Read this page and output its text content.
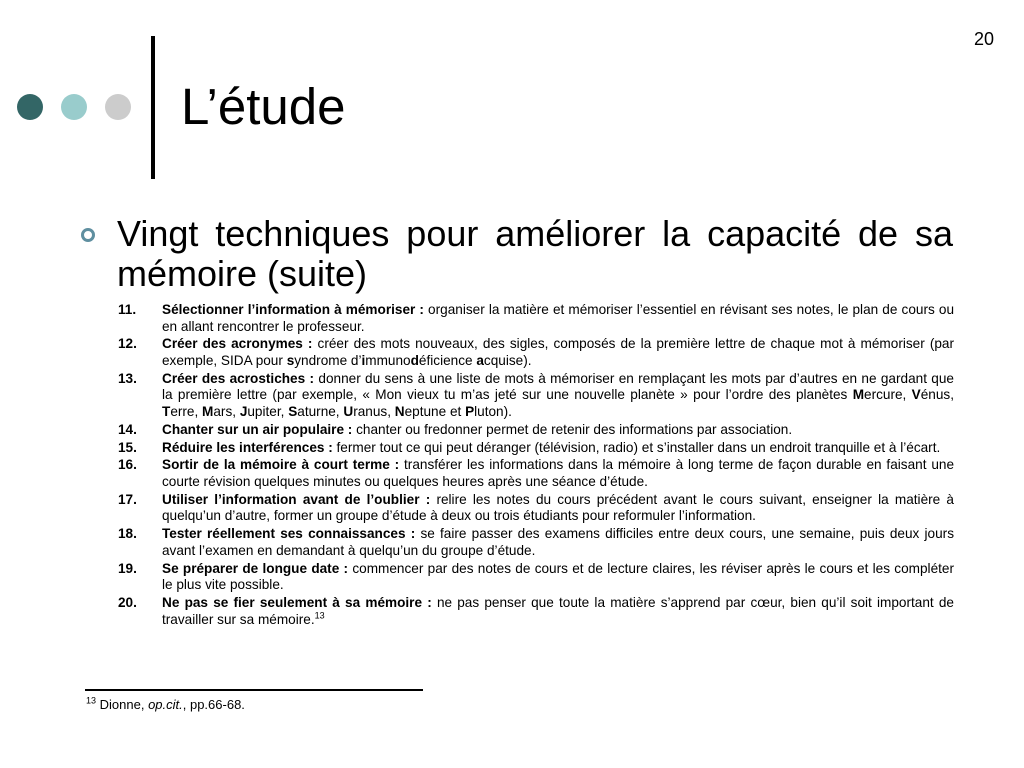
20
L’étude
Vingt techniques pour améliorer la capacité de sa mémoire (suite)
11.	Sélectionner l’information à mémoriser : organiser la matière et mémoriser l’essentiel en révisant ses notes, le plan de cours ou en allant rencontrer le professeur.
12.	Créer des acronymes : créer des mots nouveaux, des sigles, composés de la première lettre de chaque mot à mémoriser (par exemple, SIDA pour syndrome d’immunodéficience acquise).
13.	Créer des acrostiches : donner du sens à une liste de mots à mémoriser en remplaçant les mots par d’autres en ne gardant que la première lettre (par exemple, « Mon vieux tu m’as jeté sur une nouvelle planète » pour l’ordre des planètes Mercure, Vénus, Terre, Mars, Jupiter, Saturne, Uranus, Neptune et Pluton).
14.	Chanter sur un air populaire : chanter ou fredonner permet de retenir des informations par association.
15.	Réduire les interférences : fermer tout ce qui peut déranger (télévision, radio) et s’installer dans un endroit tranquille et à l’écart.
16.	Sortir de la mémoire à court terme : transférer les informations dans la mémoire à long terme de façon durable en faisant une courte révision quelques minutes ou quelques heures après une séance d’étude.
17.	Utiliser l’information avant de l’oublier : relire les notes du cours précédent avant le cours suivant, enseigner la matière à quelqu’un d’autre, former un groupe d’étude à deux ou trois étudiants pour reformuler l’information.
18.	Tester réellement ses connaissances : se faire passer des examens difficiles entre deux cours, une semaine, puis deux jours avant l’examen en demandant à quelqu’un du groupe d’étude.
19.	Se préparer de longue date : commencer par des notes de cours et de lecture claires, les réviser après le cours et les compléter le plus vite possible.
20.	Ne pas se fier seulement à sa mémoire : ne pas penser que toute la matière s’apprend par cœur, bien qu’il soit important de travailler sur sa mémoire.$^{13}$
$^{13}$ Dionne, op.cit., pp.66-68.
